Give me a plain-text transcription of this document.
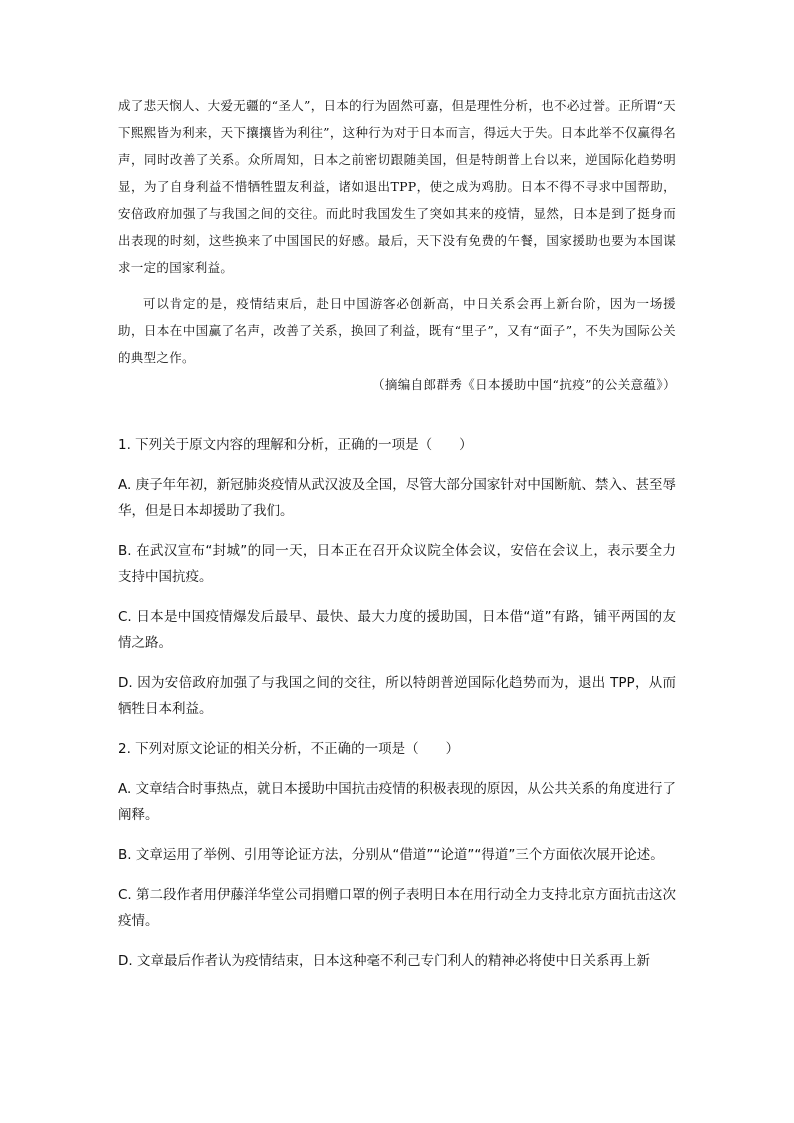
成了悲天悯人、大爱无疆的“圣人”，日本的行为固然可嘉，但是理性分析，也不必过誉。正所谓“天下熙熙皆为利来，天下攘攘皆为利往”，这种行为对于日本而言，得远大于失。日本此举不仅赢得名声，同时改善了关系。众所周知，日本之前密切跟随美国，但是特朗普上台以来，逆国际化趋势明显，为了自身利益不惜牺牲盟友利益，诸如退出TPP，使之成为鸡肋。日本不得不寻求中国帮助，安倍政府加强了与我国之间的交往。而此时我国发生了突如其来的疫情，显然，日本是到了挺身而出表现的时刻，这些换来了中国国民的好感。最后，天下没有免费的午餐，国家援助也要为本国谋求一定的国家利益。

可以肯定的是，疫情结束后，赴日中国游客必创新高，中日关系会再上新台阶，因为一场援助，日本在中国赢了名声，改善了关系，换回了利益，既有“里子”，又有“面子”，不失为国际公关的典型之作。

（摘编自郎群秀《日本援助中国“抗疫”的公关意蕴》）

1. 下列关于原文内容的理解和分析，正确的一项是（　　）

A. 庚子年年初，新冠肺炎疫情从武汉波及全国，尽管大部分国家针对中国断航、禁入、甚至辱华，但是日本却援助了我们。

B. 在武汉宣布“封城”的同一天，日本正在召开众议院全体会议，安倍在会议上，表示要全力支持中国抗疫。

C. 日本是中国疫情爆发后最早、最快、最大力度的援助国，日本借“道”有路，铺平两国的友情之路。

D. 因为安倍政府加强了与我国之间的交往，所以特朗普逆国际化趋势而为，退出 TPP，从而牺牲日本利益。

2. 下列对原文论证的相关分析，不正确的一项是（　　）

A. 文章结合时事热点，就日本援助中国抗击疫情的积极表现的原因，从公共关系的角度进行了阐释。

B. 文章运用了举例、引用等论证方法，分别从“借道”“论道”“得道”三个方面依次展开论述。

C. 第二段作者用伊藤洋华堂公司捐赠口罩的例子表明日本在用行动全力支持北京方面抗击这次疫情。

D. 文章最后作者认为疫情结束，日本这种毫不利己专门利人的精神必将使中日关系再上新
